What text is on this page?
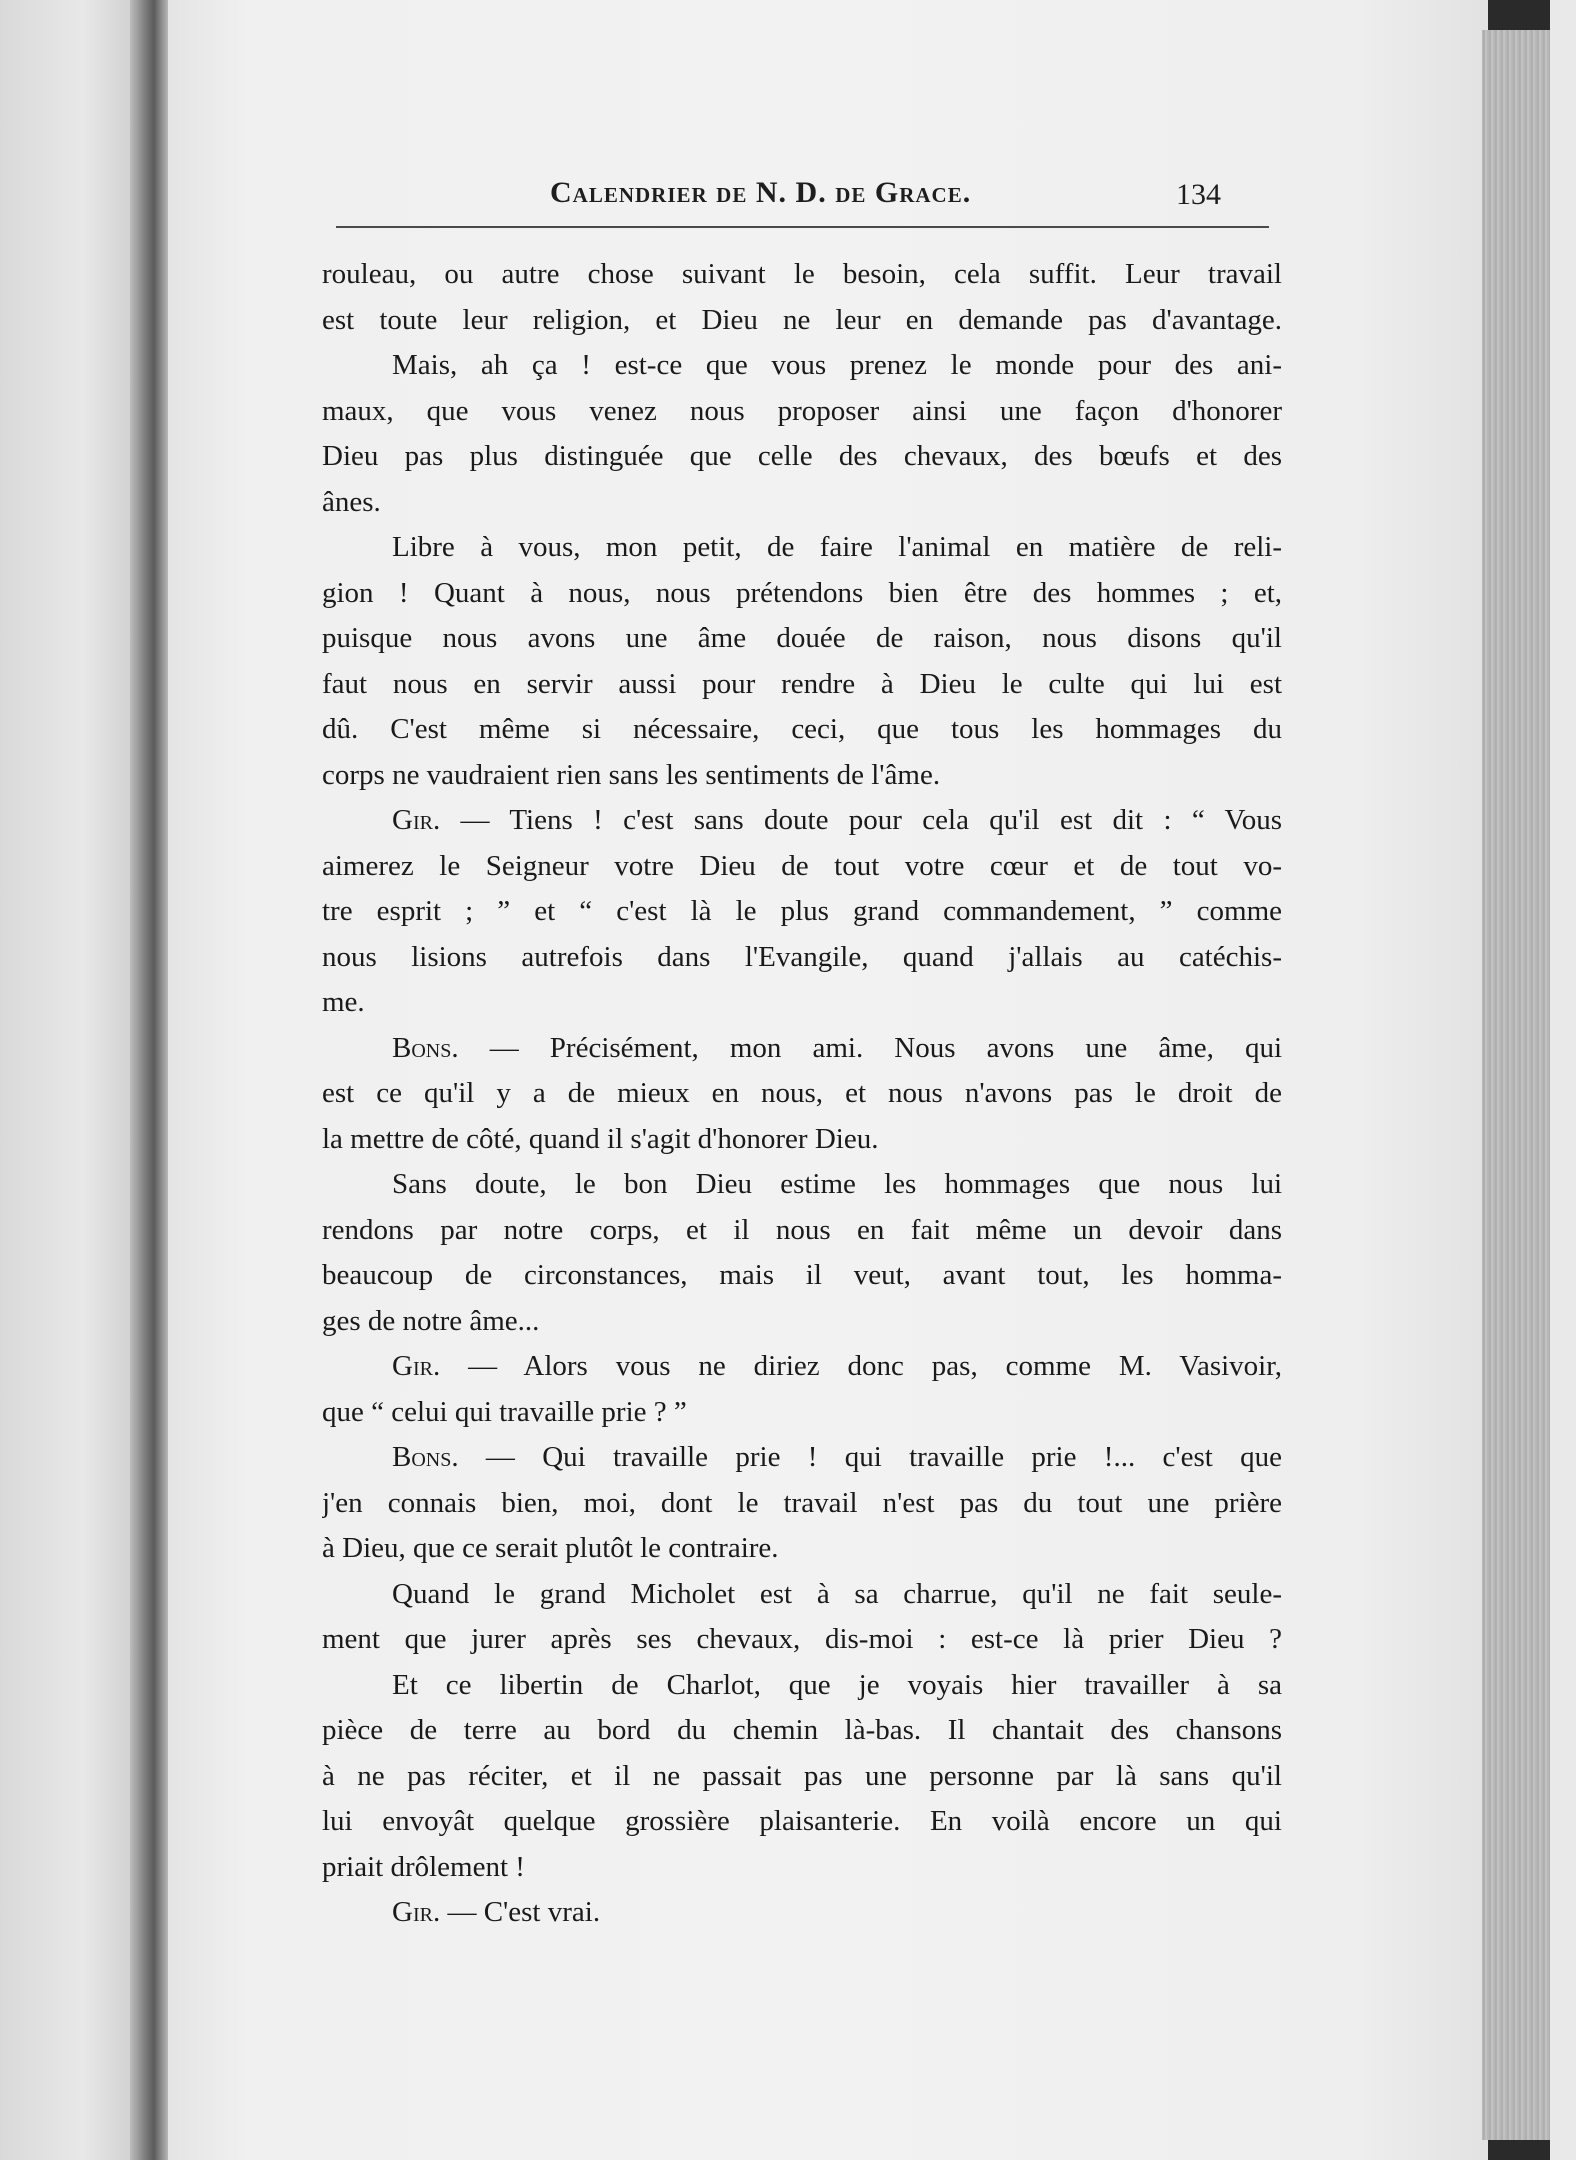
Calendrier de N. D. de Grace.	134
rouleau, ou autre chose suivant le besoin, cela suffit. Leur travail
est toute leur religion, et Dieu ne leur en demande pas d'avantage.
Mais, ah ça ! est-ce que vous prenez le monde pour des ani-
maux, que vous venez nous proposer ainsi une façon d'honorer
Dieu pas plus distinguée que celle des chevaux, des bœufs et des
ânes.
Libre à vous, mon petit, de faire l'animal en matière de reli-
gion ! Quant à nous, nous prétendons bien être des hommes ; et,
puisque nous avons une âme douée de raison, nous disons qu'il
faut nous en servir aussi pour rendre à Dieu le culte qui lui est
dû. C'est même si nécessaire, ceci, que tous les hommages du
corps ne vaudraient rien sans les sentiments de l'âme.
Gir. — Tiens ! c'est sans doute pour cela qu'il est dit : “ Vous
aimerez le Seigneur votre Dieu de tout votre cœur et de tout vo-
tre esprit ; ” et “ c'est là le plus grand commandement, ” comme
nous lisions autrefois dans l'Evangile, quand j'allais au catéchis-
me.
Bons. — Précisément, mon ami. Nous avons une âme, qui
est ce qu'il y a de mieux en nous, et nous n'avons pas le droit de
la mettre de côté, quand il s'agit d'honorer Dieu.
Sans doute, le bon Dieu estime les hommages que nous lui
rendons par notre corps, et il nous en fait même un devoir dans
beaucoup de circonstances, mais il veut, avant tout, les homma-
ges de notre âme...
Gir. — Alors vous ne diriez donc pas, comme M. Vasivoir,
que “ celui qui travaille prie ? ”
Bons. — Qui travaille prie ! qui travaille prie !... c'est que
j'en connais bien, moi, dont le travail n'est pas du tout une prière
à Dieu, que ce serait plutôt le contraire.
Quand le grand Micholet est à sa charrue, qu'il ne fait seule-
ment que jurer après ses chevaux, dis-moi : est-ce là prier Dieu ?
Et ce libertin de Charlot, que je voyais hier travailler à sa
pièce de terre au bord du chemin là-bas. Il chantait des chansons
à ne pas réciter, et il ne passait pas une personne par là sans qu'il
lui envoyât quelque grossière plaisanterie. En voilà encore un qui
priait drôlement !
Gir. — C'est vrai.
